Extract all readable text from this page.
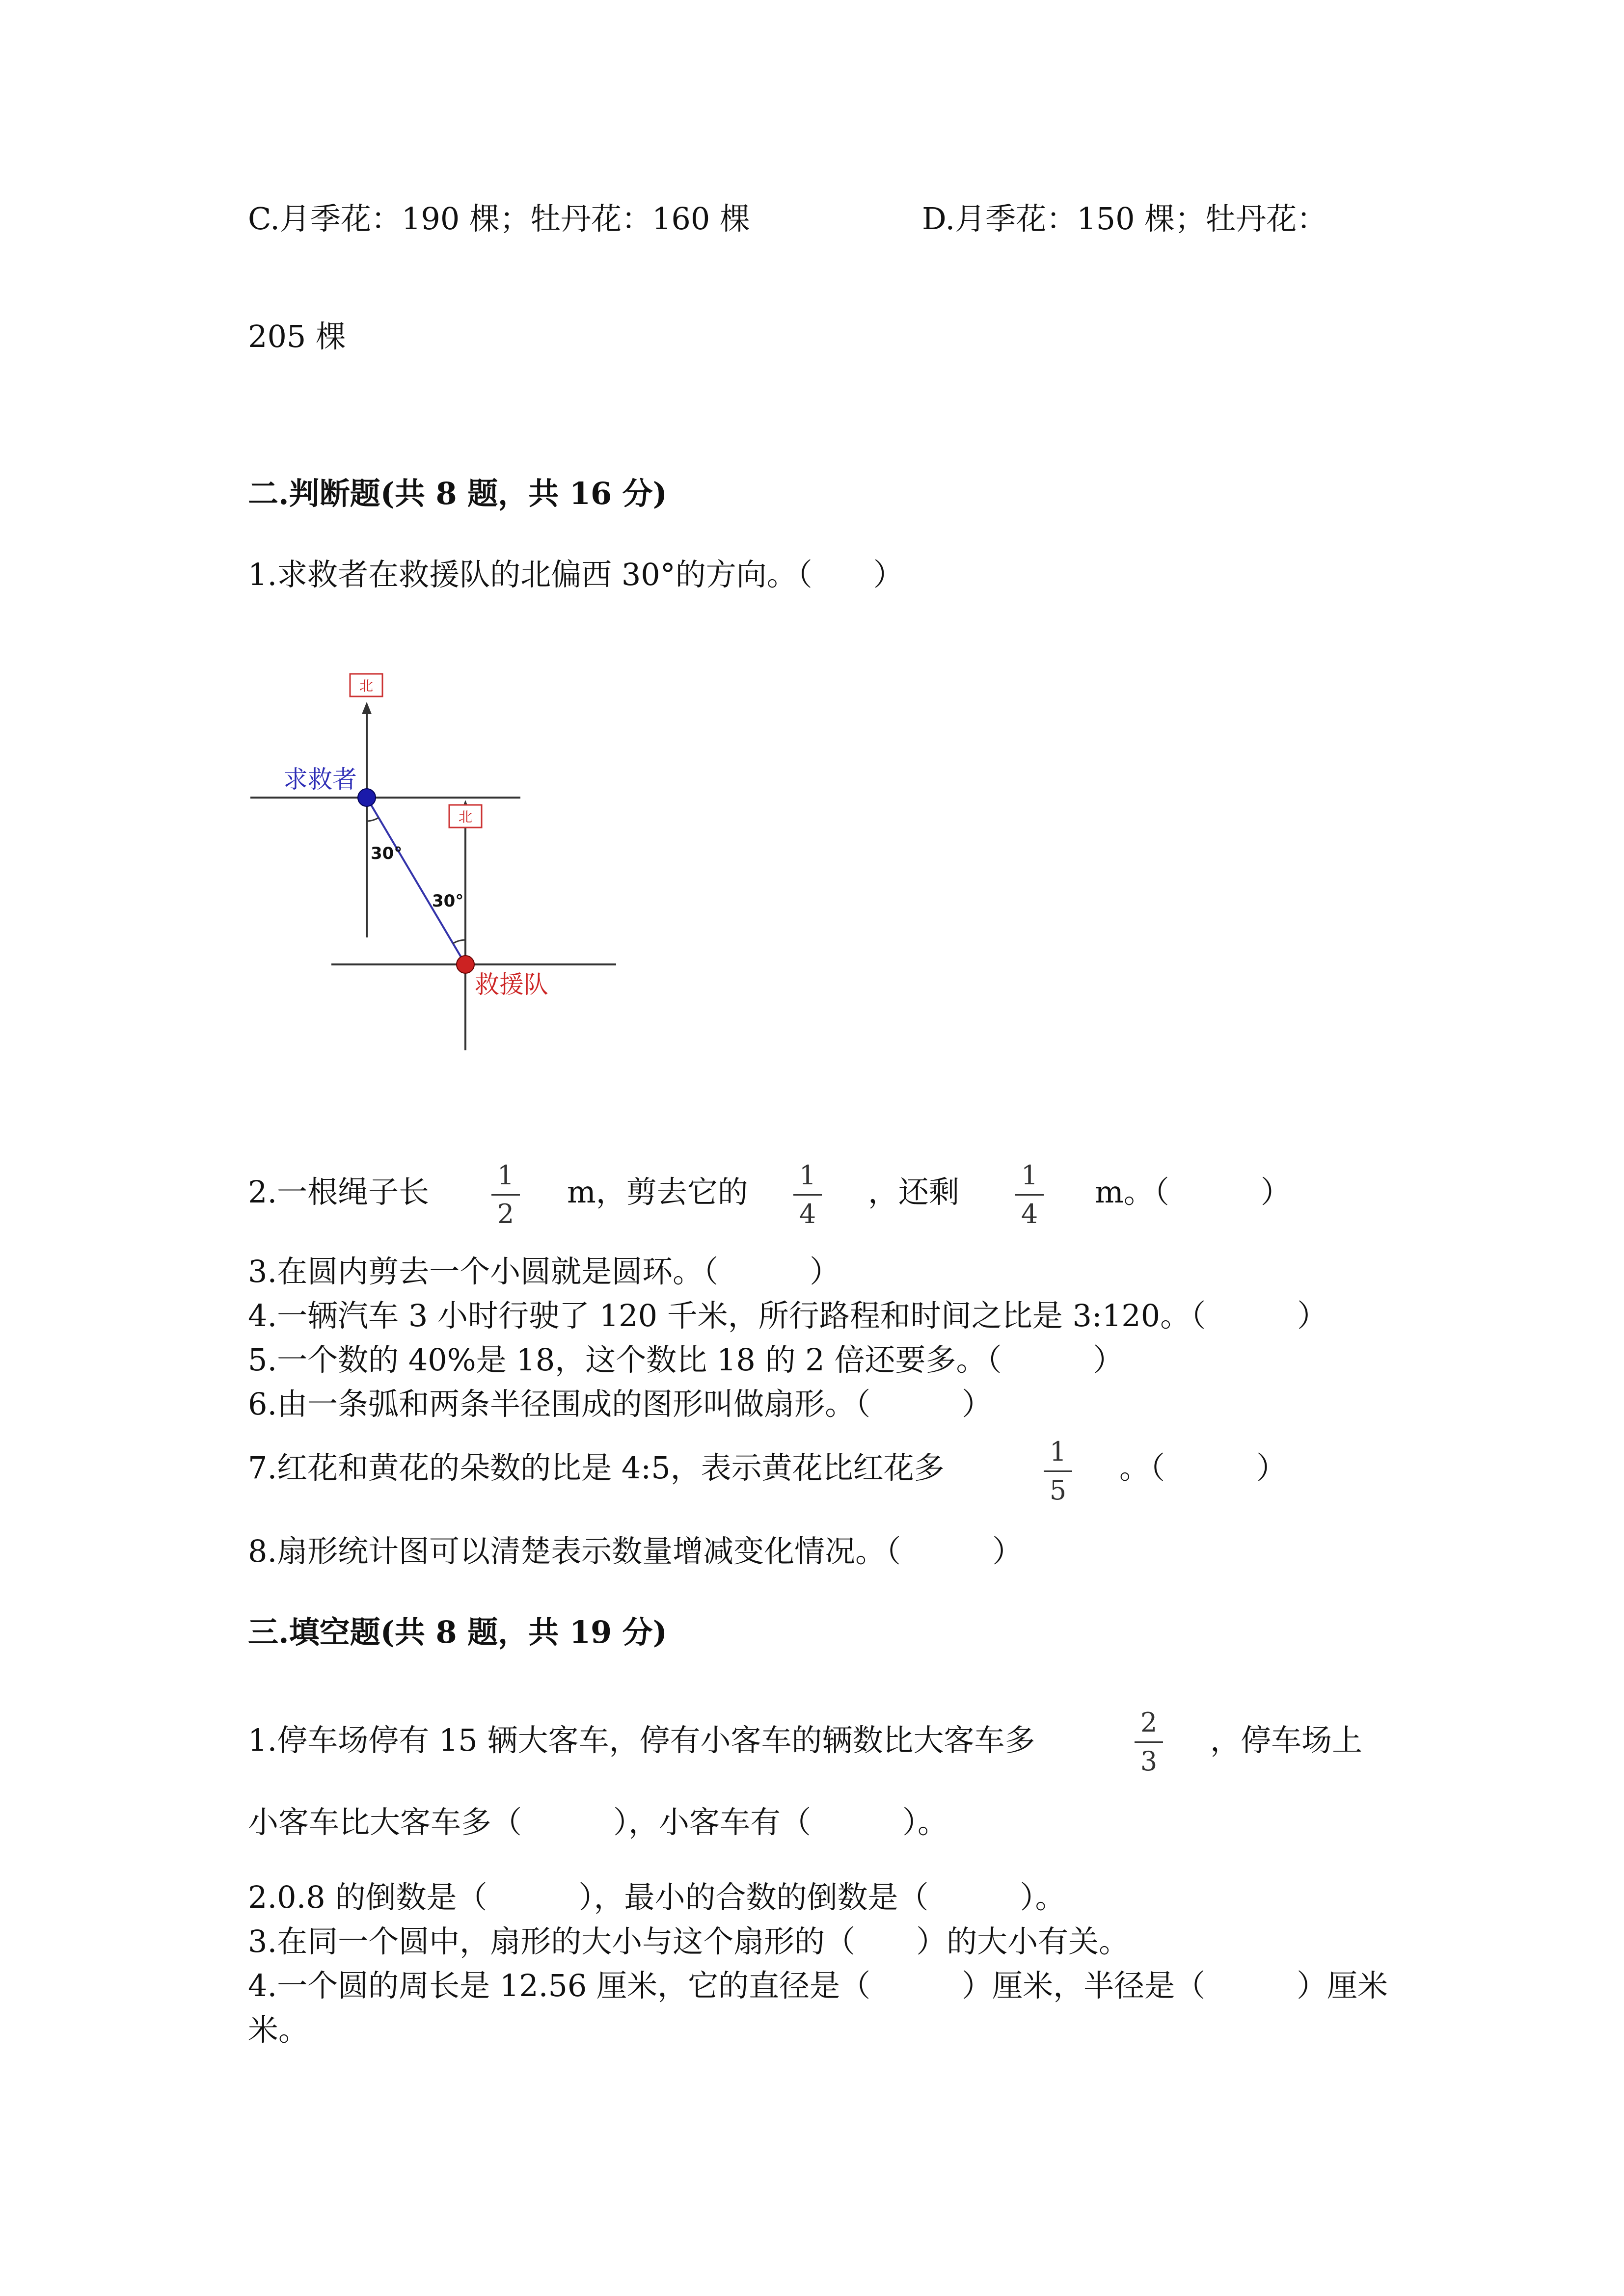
C.月季花：190 棵；牡丹花：160 棵	D.月季花：150 棵；牡丹花：
205 棵
二.判断题(共 8 题，共 16 分)
1.求救者在救援队的北偏西 30°的方向。（　　）
北
北
30°
30°
求救者
救援队
2.一根绳子长	1
2
m，剪去它的	1
4
，还剩	1
4
m。（　　　）
3.在圆内剪去一个小圆就是圆环。（　　　）
4.一辆汽车 3 小时行驶了 120 千米，所行路程和时间之比是 3:120。（　　　）
5.一个数的 40%是 18，这个数比 18 的 2 倍还要多。（　　　）
6.由一条弧和两条半径围成的图形叫做扇形。（　　　）
7.红花和黄花的朵数的比是 4:5，表示黄花比红花多	1
5
。（　　　）
8.扇形统计图可以清楚表示数量增减变化情况。（　　　）
三.填空题(共 8 题，共 19 分)
1.停车场停有 15 辆大客车，停有小客车的辆数比大客车多	2
3
，停车场上
小客车比大客车多（　　　），小客车有（　　　）。
2.0.8 的倒数是（　　　），最小的合数的倒数是（　　　）。
3.在同一个圆中，扇形的大小与这个扇形的（　　）的大小有关。
4.一个圆的周长是 12.56 厘米，它的直径是（　　　）厘米，半径是（　　　）厘米
米。
